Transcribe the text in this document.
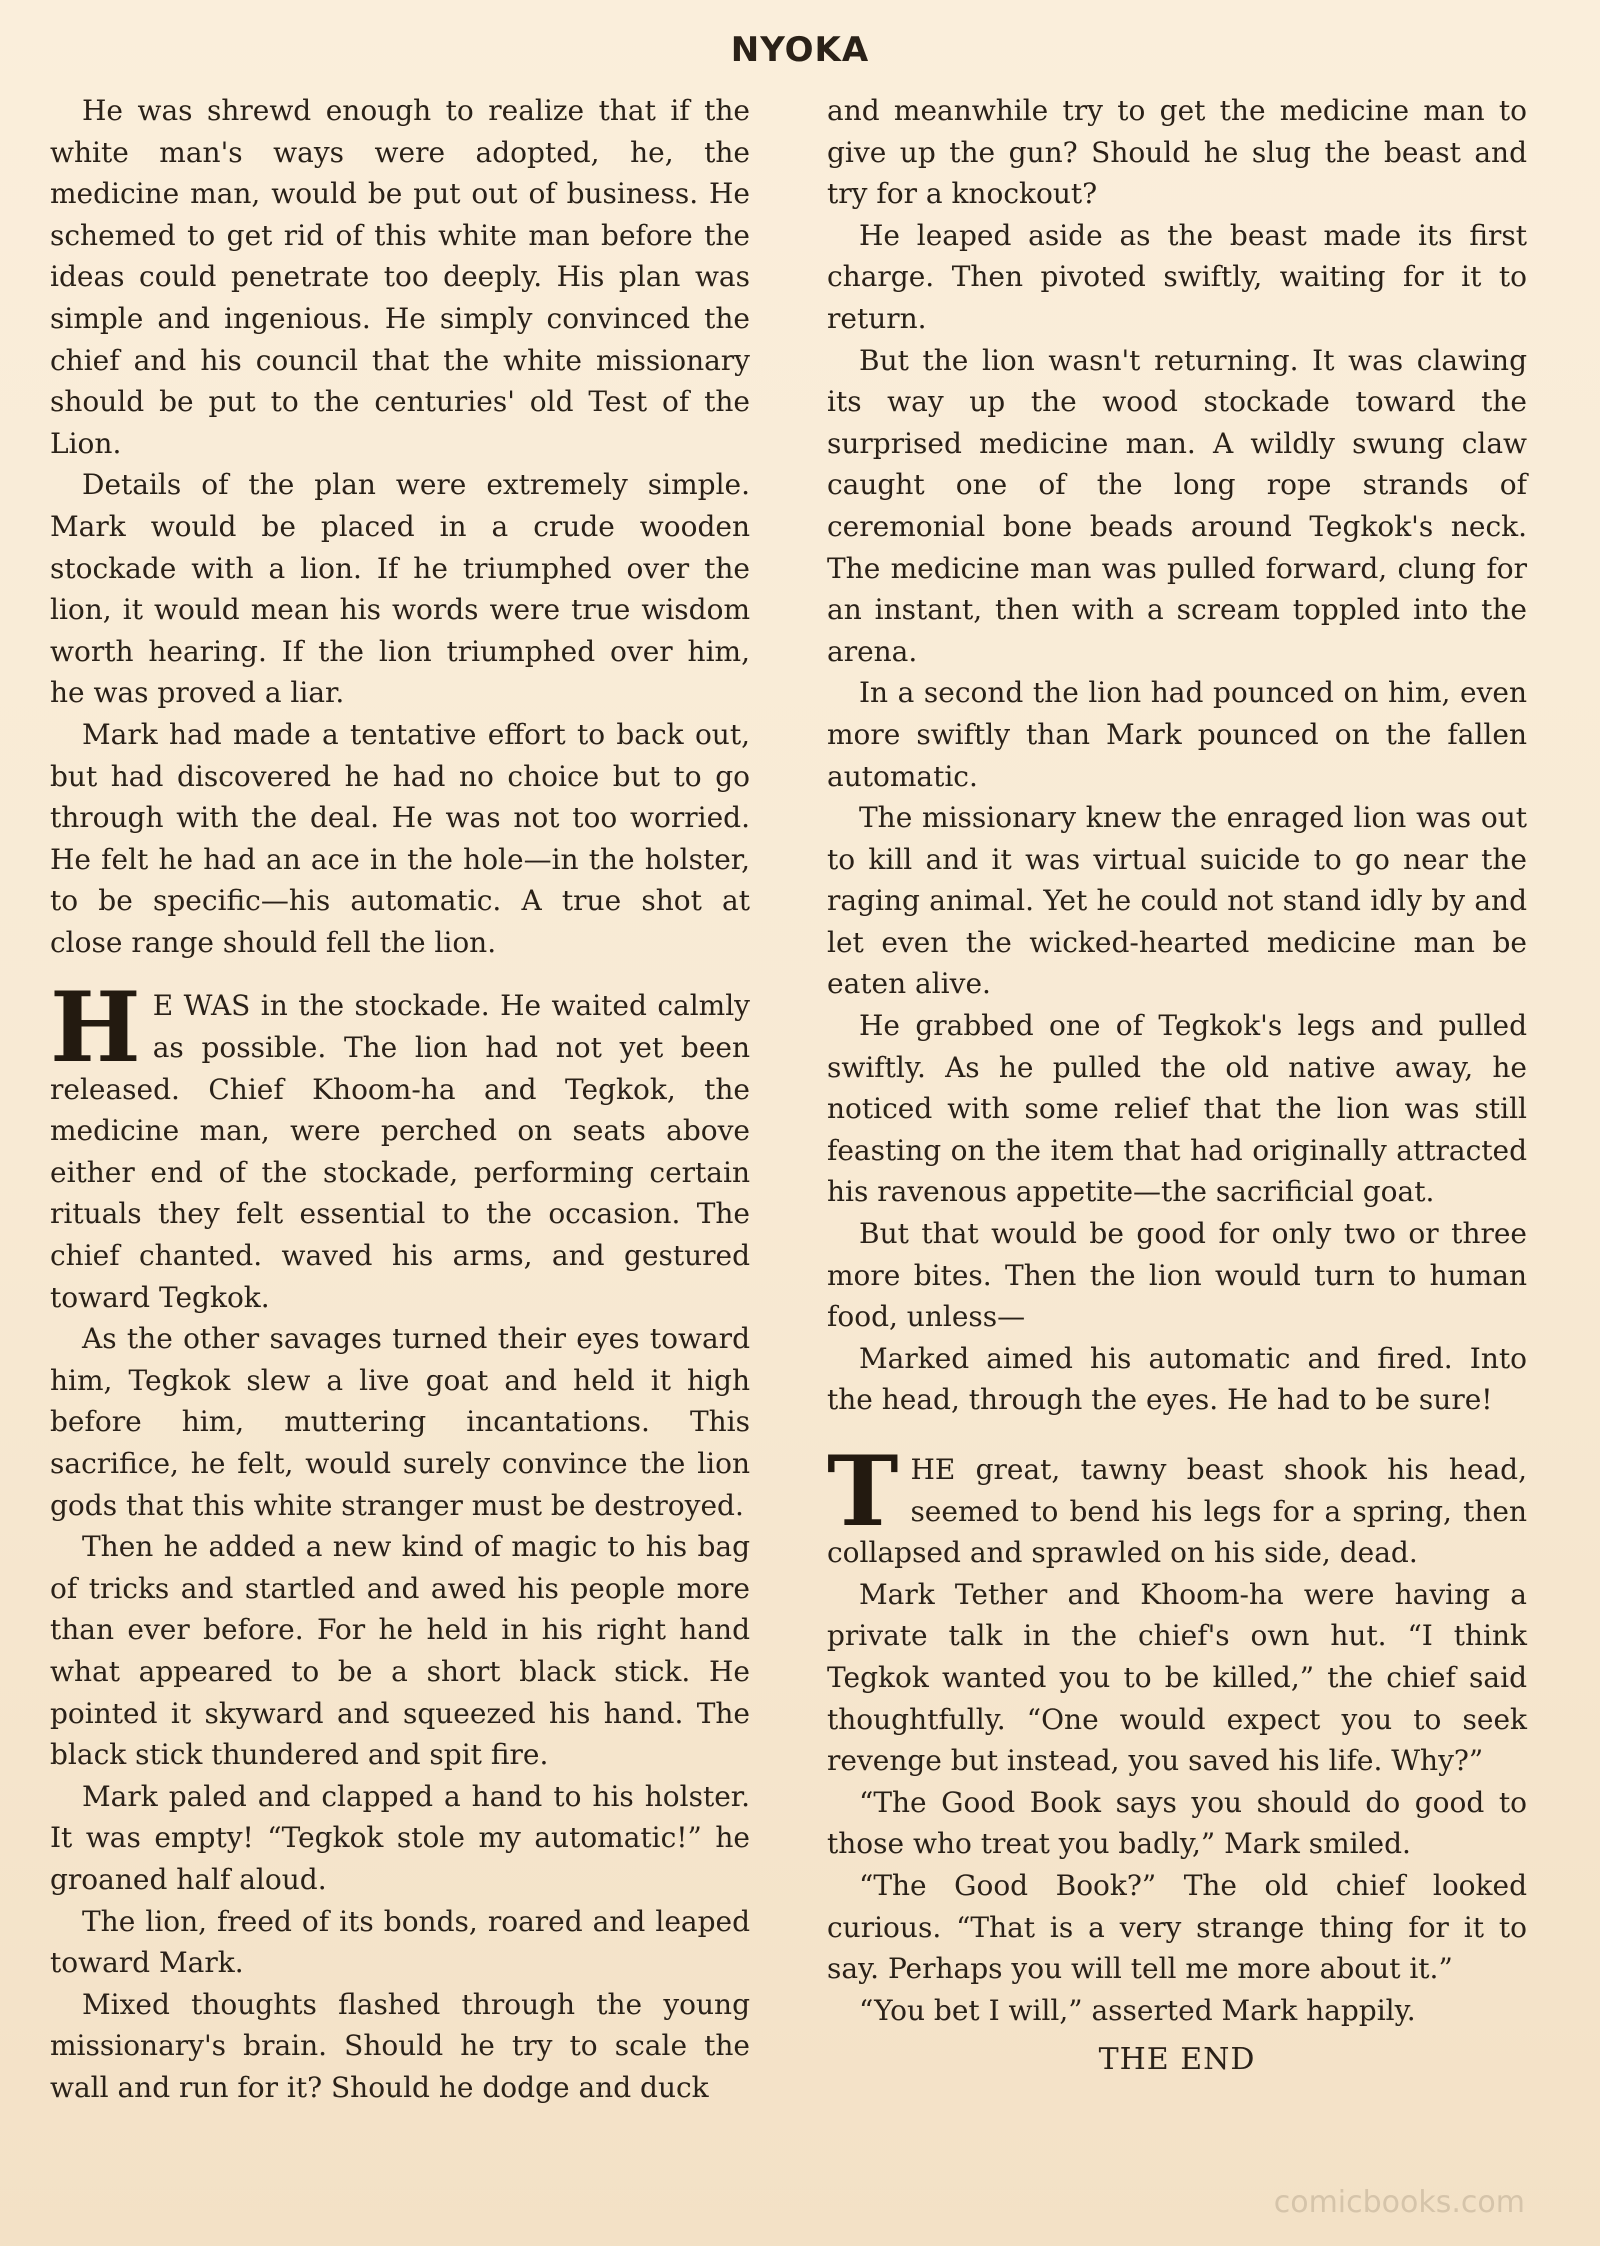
NYOKA

He was shrewd enough to realize that if the white man's ways were adopted, he, the medicine man, would be put out of business. He schemed to get rid of this white man before the ideas could penetrate too deeply. His plan was simple and ingenious. He simply convinced the chief and his council that the white missionary should be put to the centuries' old Test of the Lion.

Details of the plan were extremely simple. Mark would be placed in a crude wooden stockade with a lion. If he triumphed over the lion, it would mean his words were true wisdom worth hearing. If the lion triumphed over him, he was proved a liar.

Mark had made a tentative effort to back out, but had discovered he had no choice but to go through with the deal. He was not too worried. He felt he had an ace in the hole—in the holster, to be specific—his automatic. A true shot at close range should fell the lion.

H E WAS in the stockade. He waited calmly as possible. The lion had not yet been released. Chief Khoom-ha and Tegkok, the medicine man, were perched on seats above either end of the stockade, performing certain rituals they felt essential to the occasion. The chief chanted. waved his arms, and gestured toward Tegkok.

As the other savages turned their eyes toward him, Tegkok slew a live goat and held it high before him, muttering incantations. This sacrifice, he felt, would surely convince the lion gods that this white stranger must be destroyed.

Then he added a new kind of magic to his bag of tricks and startled and awed his people more than ever before. For he held in his right hand what appeared to be a short black stick. He pointed it skyward and squeezed his hand. The black stick thundered and spit fire.

Mark paled and clapped a hand to his holster. It was empty! “Tegkok stole my automatic!” he groaned half aloud.

The lion, freed of its bonds, roared and leaped toward Mark.

Mixed thoughts flashed through the young missionary's brain. Should he try to scale the wall and run for it? Should he dodge and duck

and meanwhile try to get the medicine man to give up the gun? Should he slug the beast and try for a knockout?

He leaped aside as the beast made its first charge. Then pivoted swiftly, waiting for it to return.

But the lion wasn't returning. It was clawing its way up the wood stockade toward the surprised medicine man. A wildly swung claw caught one of the long rope strands of ceremonial bone beads around Tegkok's neck. The medicine man was pulled forward, clung for an instant, then with a scream toppled into the arena.

In a second the lion had pounced on him, even more swiftly than Mark pounced on the fallen automatic.

The missionary knew the enraged lion was out to kill and it was virtual suicide to go near the raging animal. Yet he could not stand idly by and let even the wicked-hearted medicine man be eaten alive.

He grabbed one of Tegkok's legs and pulled swiftly. As he pulled the old native away, he noticed with some relief that the lion was still feasting on the item that had originally attracted his ravenous appetite—the sacrificial goat.

But that would be good for only two or three more bites. Then the lion would turn to human food, unless—

Marked aimed his automatic and fired. Into the head, through the eyes. He had to be sure!

THE great, tawny beast shook his head, seemed to bend his legs for a spring, then collapsed and sprawled on his side, dead.

Mark Tether and Khoom-ha were having a private talk in the chief's own hut. “I think Tegkok wanted you to be killed,” the chief said thoughtfully. “One would expect you to seek revenge but instead, you saved his life. Why?”

“The Good Book says you should do good to those who treat you badly,” Mark smiled.

“The Good Book?” The old chief looked curious. “That is a very strange thing for it to say. Perhaps you will tell me more about it.”

“You bet I will,” asserted Mark happily.

THE END

comicbooks.com
